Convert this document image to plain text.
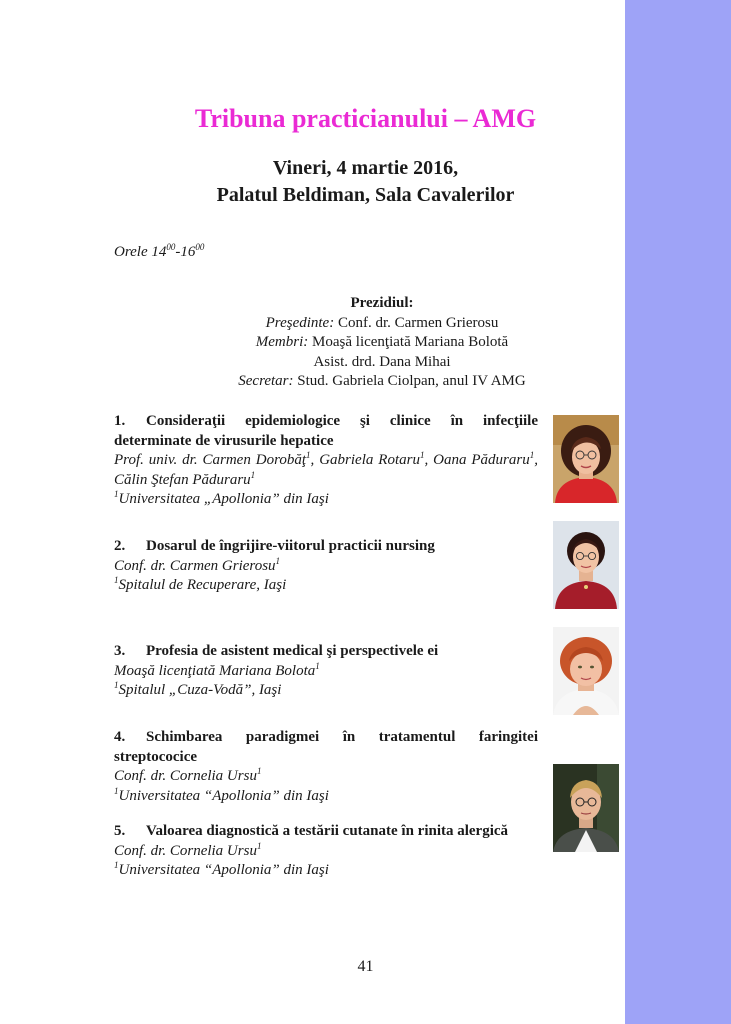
Tribuna practicianului – AMG
Vineri, 4 martie 2016,
Palatul Beldiman, Sala Cavalerilor
Orele $14^{00}-16^{00}$
Prezidiul:
Preşedinte: Conf. dr. Carmen Grierosu
Membri: Moaşă licenţiată Mariana Bolotă
Asist. drd. Dana Mihai
Secretar: Stud. Gabriela Ciolpan, anul IV AMG
1. Consideraţii epidemiologice şi clinice în infecţiile determinate de virusurile hepatice
Prof. univ. dr. Carmen Dorobăţ$^1$, Gabriela Rotaru$^1$, Oana Păduraru$^1$, Călin Ştefan Păduraru$^1$
$^1$Universitatea „Apollonia” din Iaşi
2. Dosarul de îngrijire-viitorul practicii nursing
Conf. dr. Carmen Grierosu$^1$
$^1$Spitalul de Recuperare, Iaşi
3. Profesia de asistent medical şi perspectivele ei
Moaşă licenţiată Mariana Bolota$^1$
$^1$Spitalul „Cuza-Vodă”, Iaşi
4. Schimbarea paradigmei în tratamentul faringitei streptococice
Conf. dr. Cornelia Ursu$^1$
$^1$Universitatea “Apollonia” din Iaşi
5. Valoarea diagnostică a testării cutanate în rinita alergică
Conf. dr. Cornelia Ursu$^1$
$^1$Universitatea “Apollonia” din Iaşi
41
